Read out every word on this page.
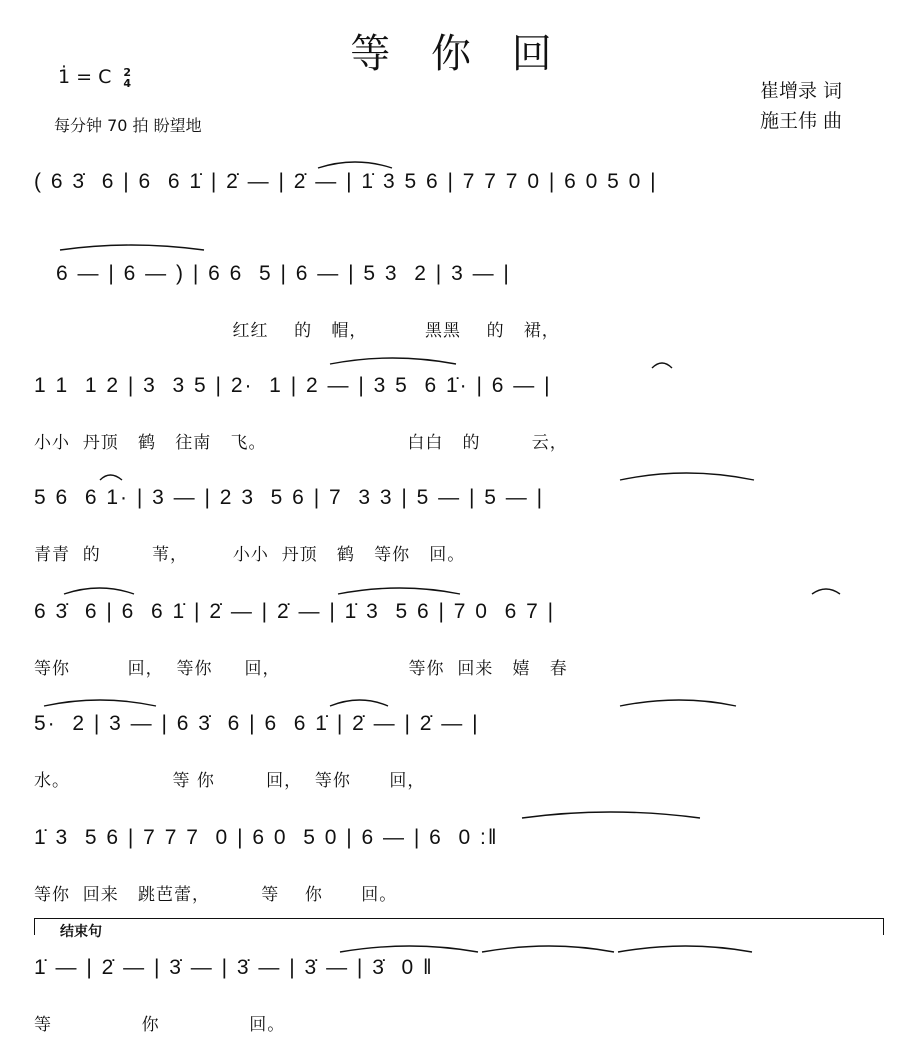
等 你 回
1̇ = C 2
4
每分钟 70 拍 盼望地
崔增录 词
施王伟 曲
( 6 3̇  6 | 6  6 1̇ | 2̇ — | 2̇ — | 1̇ 3 5 6 | 7 7 7 0 | 6 0 5 0 |
6 — | 6 — ) | 6 6  5 | 6 — | 5 3  2 | 3 — |
红红    的   帽，         黑黑    的   裙，
1 1  1 2 | 3  3 5 | 2·  1 | 2 — | 3 5  6 1̇· | 6 — |
小小  丹顶   鹤   往南   飞。                      白白   的        云，
5 6  6 1· | 3 — | 2 3  5 6 | 7  3 3 | 5 — | 5 — |
青青  的        苇，       小小  丹顶   鹤   等你   回。
6 3̇  6 | 6  6 1̇ | 2̇ — | 2̇ — | 1̇ 3  5 6 | 7 0  6 7 |
等你         回，  等你     回，                    等你  回来   嬉   春
5·  2 | 3 — | 6 3̇  6 | 6  6 1̇ | 2̇ — | 2̇ — |
水。                等 你        回，  等你      回，
1̇ 3  5 6 | 7 7 7  0 | 6 0  5 0 | 6 — | 6  0 :‖
等你  回来   跳芭蕾，        等    你      回。
结束句
1̇ — | 2̇ — | 3̇ — | 3̇ — | 3̇ — | 3̇  0 ‖
等              你              回。
